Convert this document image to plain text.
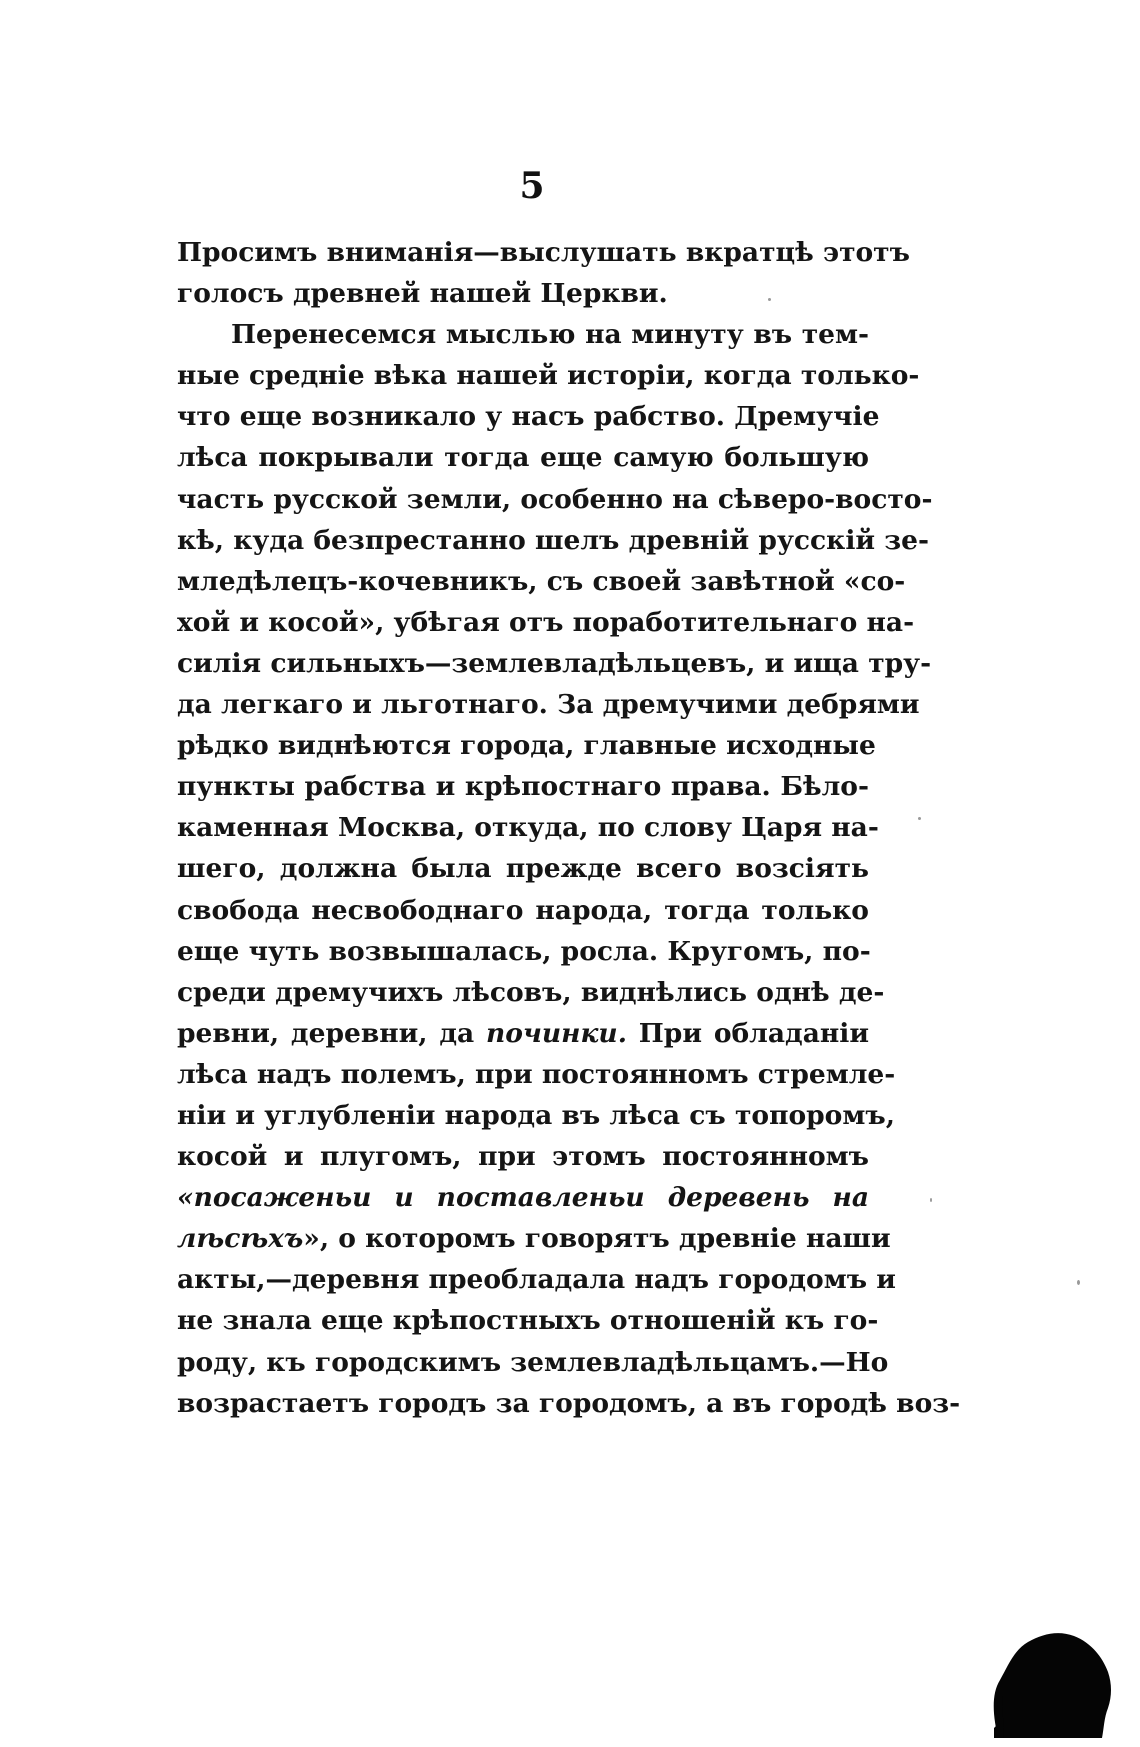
5
Просимъ вниманія—выслушать вкратцѣ этотъ
голосъ древней нашей Церкви.
Перенесемся мыслью на минуту въ тем-
ные средніе вѣка нашей исторіи, когда только-
что еще возникало у насъ рабство. Дремучіе
лѣса покрывали тогда еще самую большую
часть русской земли, особенно на сѣверо-восто-
кѣ, куда безпрестанно шелъ древній русскій зе-
мледѣлецъ-кочевникъ, съ своей завѣтной «со-
хой и косой», убѣгая отъ поработительнаго на-
силія сильныхъ—землевладѣльцевъ, и ища тру-
да легкаго и льготнаго. За дремучими дебрями
рѣдко виднѣются города, главные исходные
пункты рабства и крѣпостнаго права. Бѣло-
каменная Москва, откуда, по слову Царя на-
шего, должна была прежде всего возсіять
свобода несвободнаго народа, тогда только
еще чуть возвышалась, росла. Кругомъ, по-
среди дремучихъ лѣсовъ, виднѣлись однѣ де-
ревни, деревни, да починки. При обладаніи
лѣса надъ полемъ, при постоянномъ стремле-
ніи и углубленіи народа въ лѣса съ топоромъ,
косой и плугомъ, при этомъ постоянномъ
«посаженьи и поставленьи деревень на
лѣсѣхъ», о которомъ говорятъ древніе наши
акты,—деревня преобладала надъ городомъ и
не знала еще крѣпостныхъ отношеній къ го-
роду, къ городскимъ землевладѣльцамъ.—Но
возрастаетъ городъ за городомъ, а въ городѣ воз-
